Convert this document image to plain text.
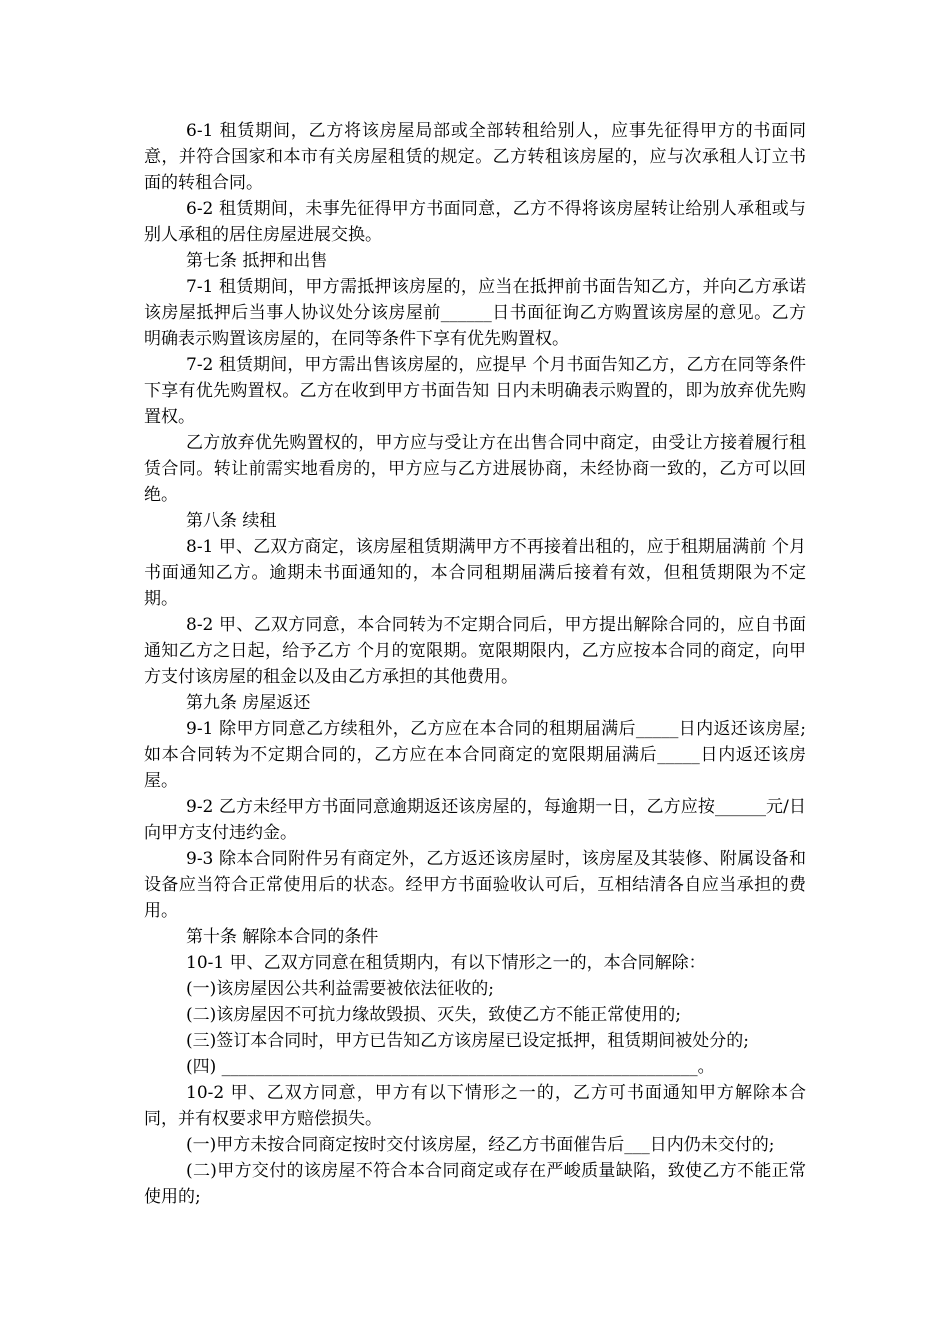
6-1 租赁期间，乙方将该房屋局部或全部转租给别人，应事先征得甲方的书面同意，并符合国家和本市有关房屋租赁的规定。乙方转租该房屋的，应与次承租人订立书面的转租合同。

6-2 租赁期间，未事先征得甲方书面同意，乙方不得将该房屋转让给别人承租或与别人承租的居住房屋进展交换。

第七条 抵押和出售

7-1 租赁期间，甲方需抵押该房屋的，应当在抵押前书面告知乙方，并向乙方承诺该房屋抵押后当事人协议处分该房屋前______日书面征询乙方购置该房屋的意见。乙方明确表示购置该房屋的，在同等条件下享有优先购置权。

7-2 租赁期间，甲方需出售该房屋的，应提早 个月书面告知乙方，乙方在同等条件下享有优先购置权。乙方在收到甲方书面告知 日内未明确表示购置的，即为放弃优先购置权。

乙方放弃优先购置权的，甲方应与受让方在出售合同中商定，由受让方接着履行租赁合同。转让前需实地看房的，甲方应与乙方进展协商，未经协商一致的，乙方可以回绝。

第八条 续租

8-1 甲、乙双方商定，该房屋租赁期满甲方不再接着出租的，应于租期届满前 个月书面通知乙方。逾期未书面通知的，本合同租期届满后接着有效，但租赁期限为不定期。

8-2 甲、乙双方同意，本合同转为不定期合同后，甲方提出解除合同的，应自书面通知乙方之日起，给予乙方 个月的宽限期。宽限期限内，乙方应按本合同的商定，向甲方支付该房屋的租金以及由乙方承担的其他费用。

第九条 房屋返还

9-1 除甲方同意乙方续租外，乙方应在本合同的租期届满后_____日内返还该房屋;如本合同转为不定期合同的，乙方应在本合同商定的宽限期届满后_____日内返还该房屋。

9-2 乙方未经甲方书面同意逾期返还该房屋的，每逾期一日，乙方应按______元/日向甲方支付违约金。

9-3 除本合同附件另有商定外，乙方返还该房屋时，该房屋及其装修、附属设备和设备应当符合正常使用后的状态。经甲方书面验收认可后，互相结清各自应当承担的费用。

第十条 解除本合同的条件

10-1 甲、乙双方同意在租赁期内，有以下情形之一的，本合同解除：

(一)该房屋因公共利益需要被依法征收的;

(二)该房屋因不可抗力缘故毁损、灭失，致使乙方不能正常使用的;

(三)签订本合同时，甲方已告知乙方该房屋已设定抵押，租赁期间被处分的;

(四) ________________________________________________________。

10-2 甲、乙双方同意，甲方有以下情形之一的，乙方可书面通知甲方解除本合同，并有权要求甲方赔偿损失。

(一)甲方未按合同商定按时交付该房屋，经乙方书面催告后___日内仍未交付的;

(二)甲方交付的该房屋不符合本合同商定或存在严峻质量缺陷，致使乙方不能正常使用的;
